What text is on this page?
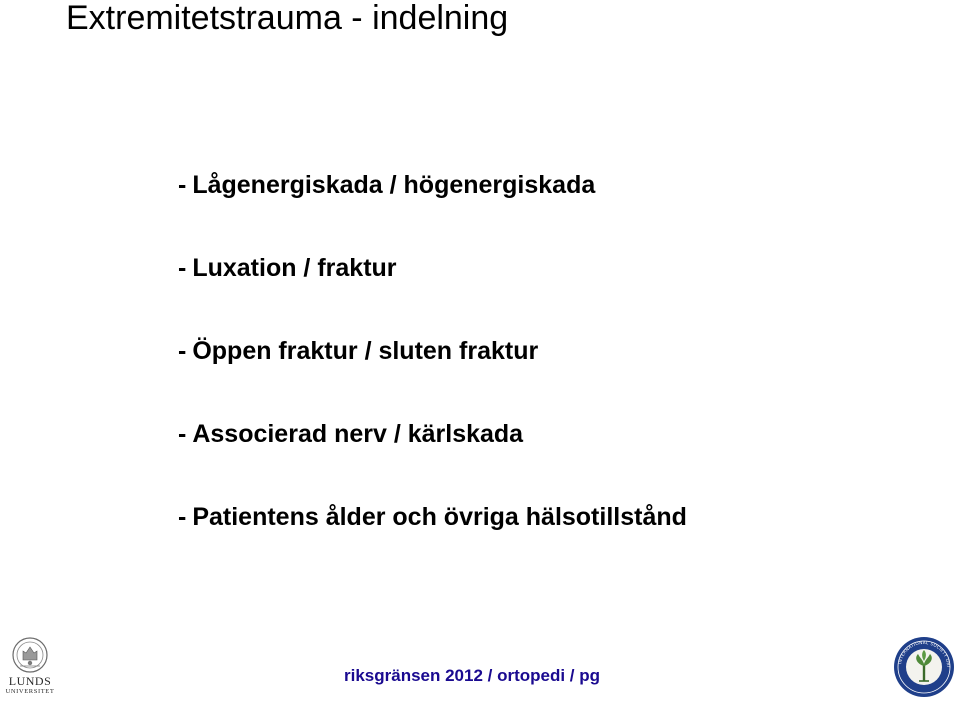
Extremitetstrauma - indelning
- Lågenergiskada / högenergiskada
- Luxation / fraktur
- Öppen fraktur / sluten fraktur
- Associerad nerv / kärlskada
- Patientens ålder och övriga hälsotillstånd
LUNDS
UNIVERSITET
riksgränsen 2012 / ortopedi / pg
INTERNATIONAL SOCIETY ORT
